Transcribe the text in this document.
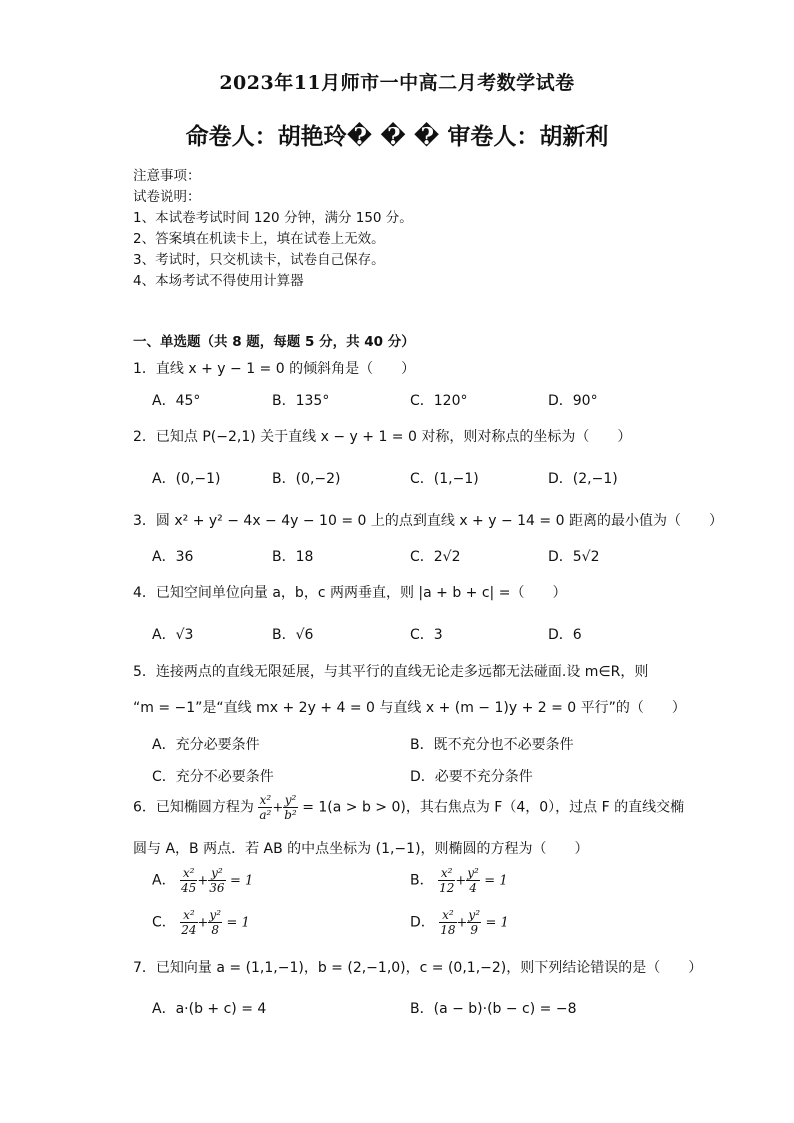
2023年11月师市一中高二月考数学试卷
命卷人：胡艳玲� � � 审卷人：胡新利
注意事项：
试卷说明：
1、本试卷考试时间 120 分钟，满分 150 分。
2、答案填在机读卡上，填在试卷上无效。
3、考试时，只交机读卡，试卷自己保存。
4、本场考试不得使用计算器
一、单选题（共 8 题，每题 5 分，共 40 分）
1．直线 x + y − 1 = 0 的倾斜角是（　　）
A．45°	B．135°	C．120°	D．90°
2．已知点 P(−2,1) 关于直线 x − y + 1 = 0 对称，则对称点的坐标为（　　）
A．(0,−1)	B．(0,−2)	C．(1,−1)	D．(2,−1)
3．圆 x² + y² − 4x − 4y − 10 = 0 上的点到直线 x + y − 14 = 0 距离的最小值为（　　）
A．36	B．18	C．2√2	D．5√2
4．已知空间单位向量 a，b，c 两两垂直，则 |a + b + c| =（　　）
A．√3	B．√6	C．3	D．6
5．连接两点的直线无限延展，与其平行的直线无论走多远都无法碰面.设 m∈R，则
“m = −1”是“直线 mx + 2y + 4 = 0 与直线 x + (m − 1)y + 2 = 0 平行”的（　　）
A．充分必要条件	B．既不充分也不必要条件
C．充分不必要条件	D．必要不充分条件
6．已知椭圆方程为 $\frac{\text{x²}}{\text{a²}} + \frac{\text{y²}}{\text{b²}} = 1(a > b > 0)$，其右焦点为 F（4，0），过点 F 的直线交椭
圆与 A，B 两点．若 AB 的中点坐标为 (1,−1)，则椭圆的方程为（　　）
A． $\frac{\text{x²}}{45} + \frac{\text{y²}}{36} = 1$	B． $\frac{\text{x²}}{12} + \frac{\text{y²}}{4} = 1$
C． $\frac{\text{x²}}{24} + \frac{\text{y²}}{8} = 1$	D． $\frac{\text{x²}}{18} + \frac{\text{y²}}{9} = 1$
7．已知向量 a = (1,1,−1)，b = (2,−1,0)，c = (0,1,−2)，则下列结论错误的是（　　）
A．a·(b + c) = 4	B．(a − b)·(b − c) = −8
